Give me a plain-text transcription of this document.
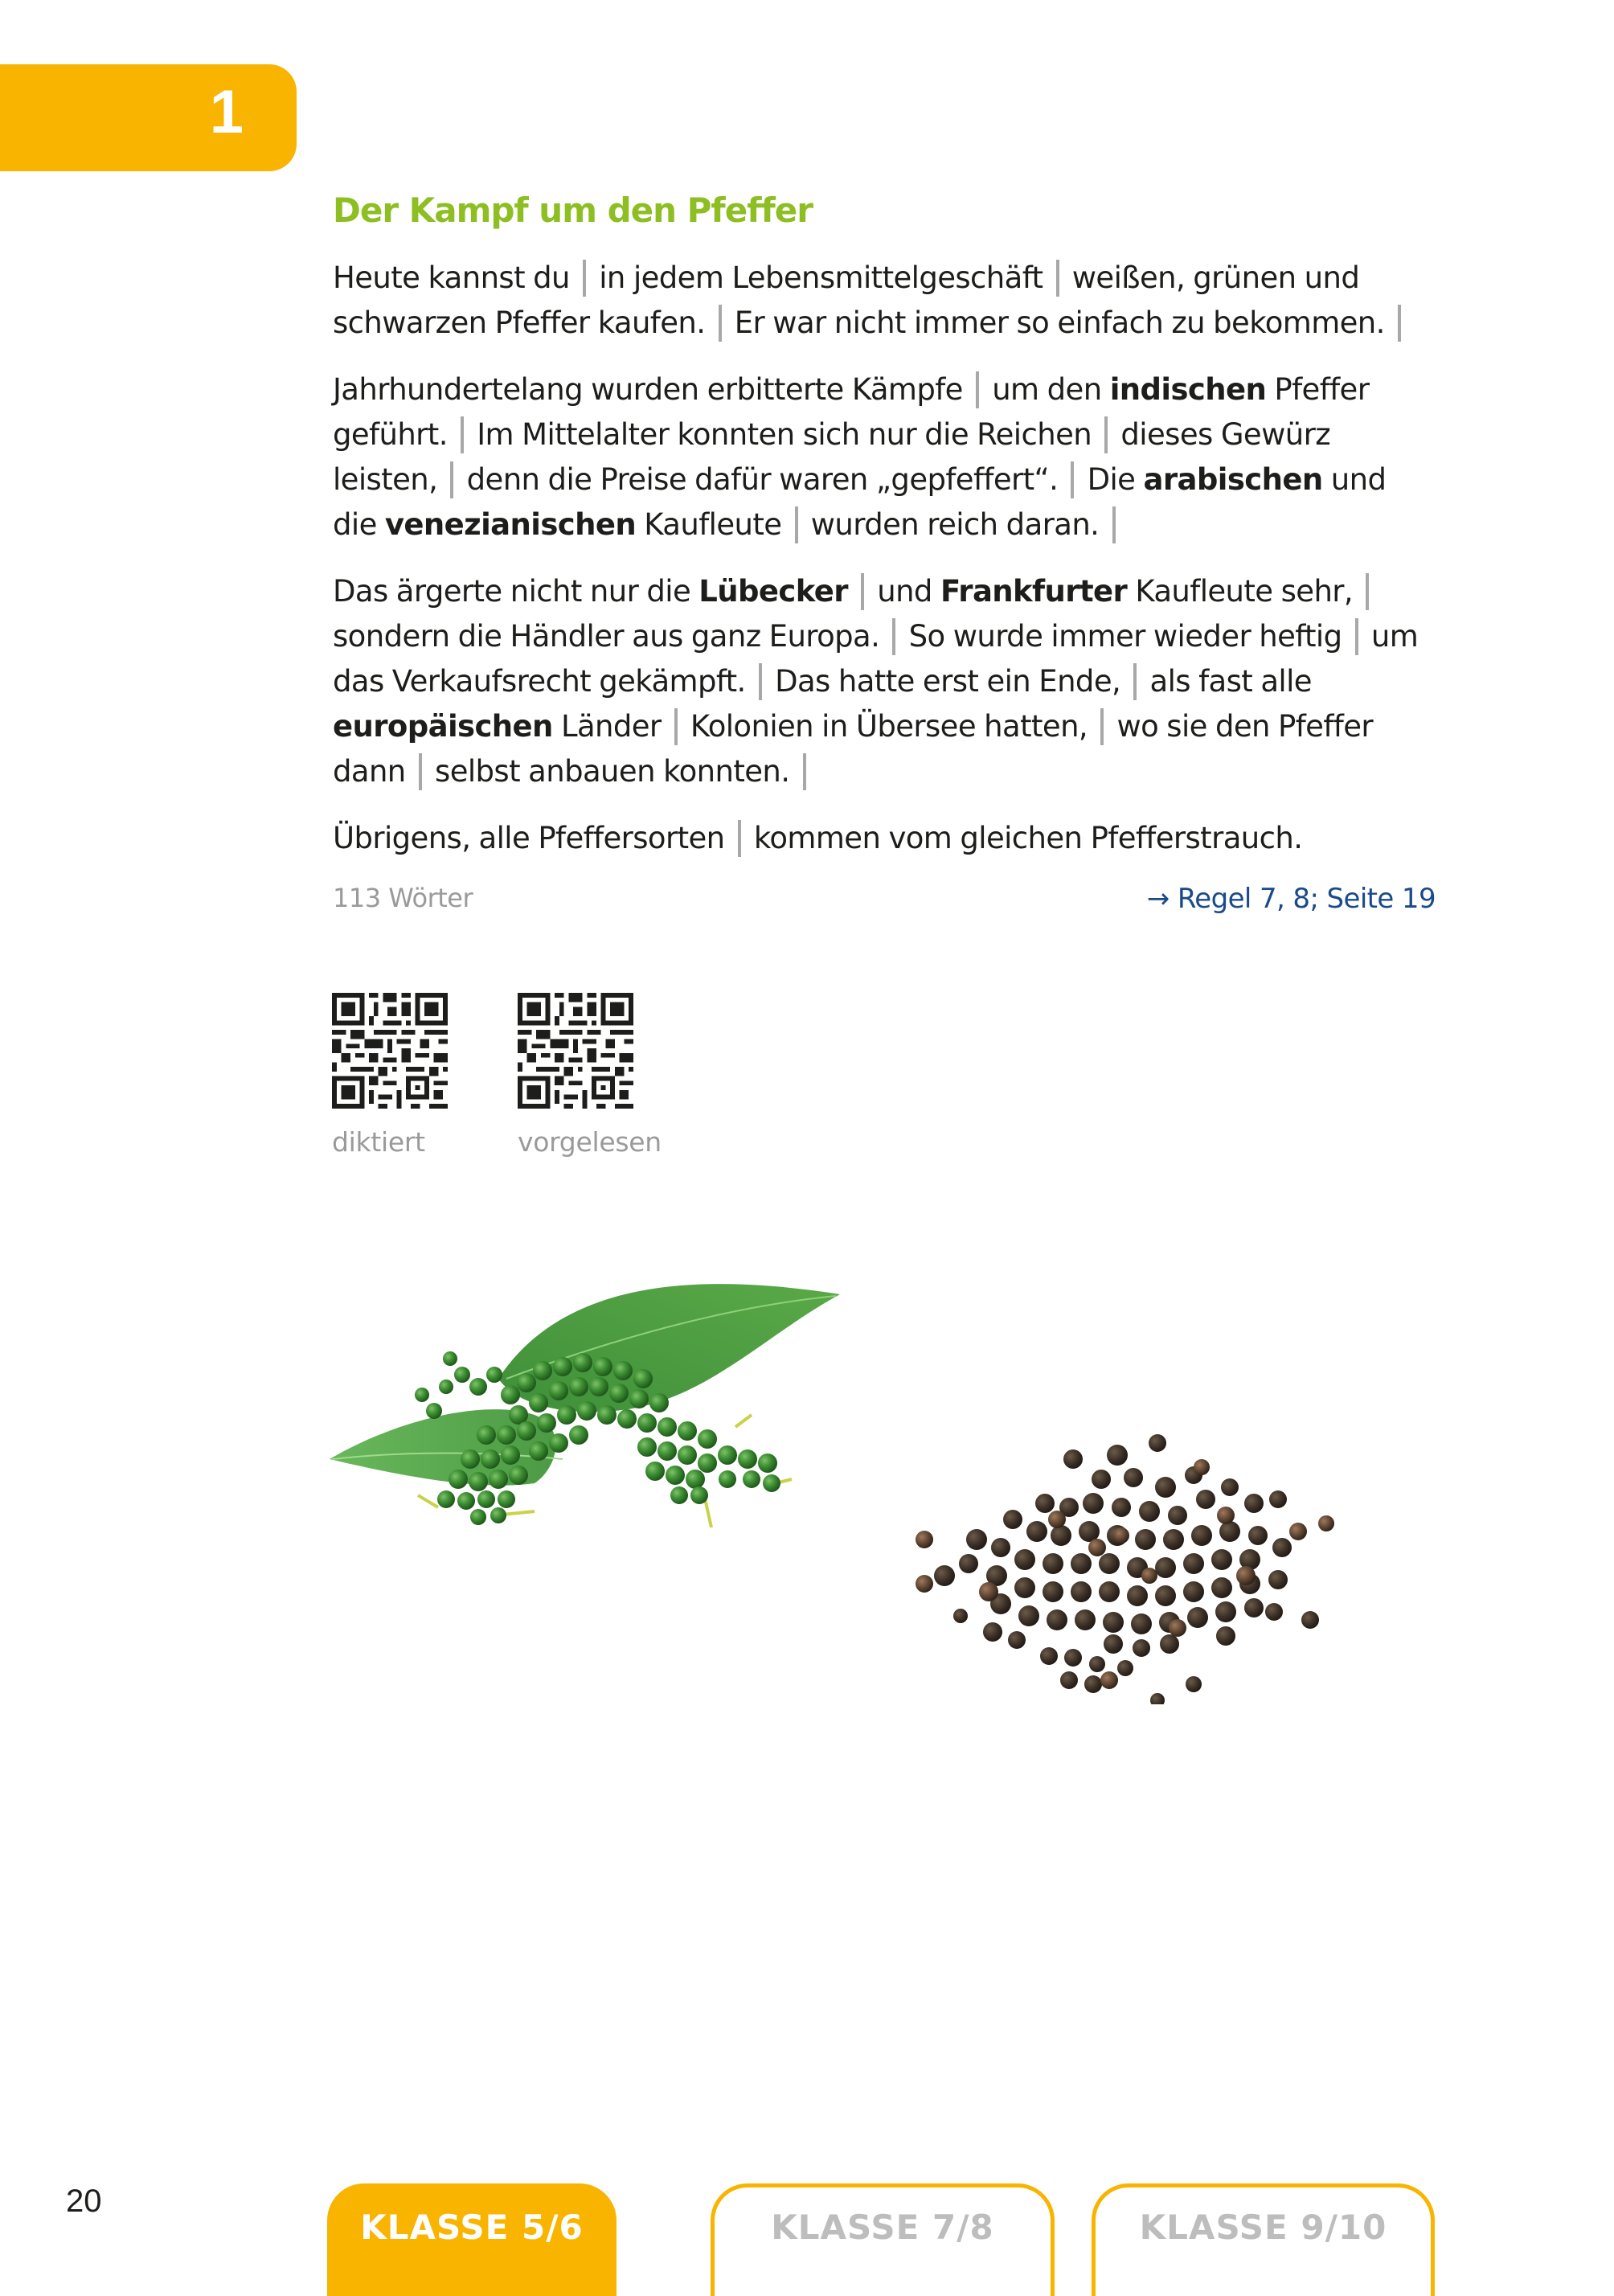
1
Der Kampf um den Pfeffer

Heute kannst du in jedem Lebensmittelgeschäft weißen, grünen und schwarzen Pfeffer kaufen. Er war nicht immer so einfach zu bekommen.

Jahrhundertelang wurden erbitterte Kämpfe um den indischen Pfeffer geführt. Im Mittelalter konnten sich nur die Reichen dieses Gewürz leisten, denn die Preise dafür waren „gepfeffert“. Die arabischen und die venezianischen Kaufleute wurden reich daran.

Das ärgerte nicht nur die Lübecker und Frankfurter Kaufleute sehr,  sondern die Händler aus ganz Europa. So wurde immer wieder heftig um das Verkaufsrecht gekämpft. Das hatte erst ein Ende, als fast alle europäischen Länder Kolonien in Übersee hatten, wo sie den Pfeffer dann selbst anbauen konnten.

Übrigens, alle Pfeffersorten kommen vom gleichen Pfefferstrauch.

113 Wörter	→ Regel 7, 8; Seite 19
diktiert	vorgelesen
20
KLASSE 5/6	KLASSE 7/8	KLASSE 9/10
